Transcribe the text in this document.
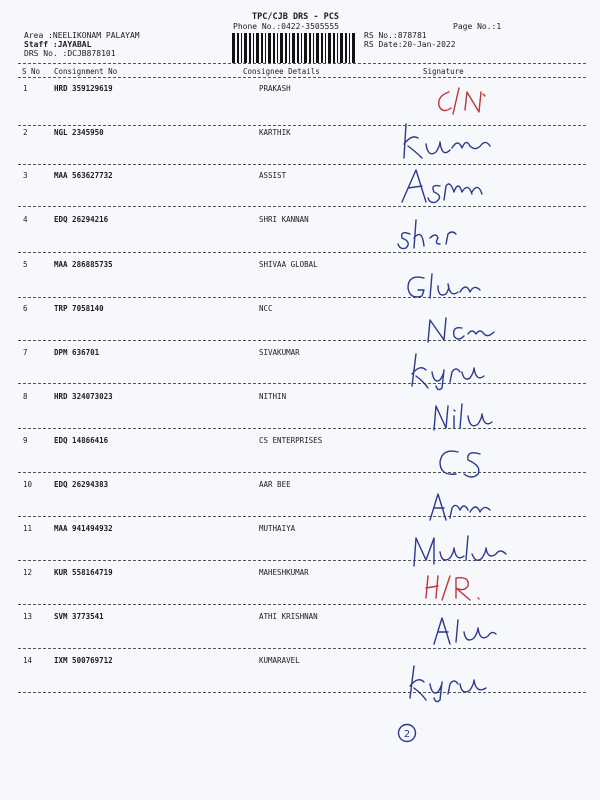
TPC/CJB DRS - PCS
Phone No.:0422-3505555	Page No.:1
Area :NEELIKONAM PALAYAM
Staff :JAYABAL
DRS No. :DCJB878101
RS No.:878781
RS Date:20-Jan-2022
S No Consignment No	Consignee Details	Signature
1	HRD 359129619	PRAKASH
2	NGL 2345950	KARTHIK
3	MAA 563627732	ASSIST
4	EDQ 26294216	SHRI KANNAN
5	MAA 286885735	SHIVAA GLOBAL
6	TRP 7058140	NCC
7	DPM 636701	SIVAKUMAR
8	HRD 324073023	NITHIN
9	EDQ 14866416	CS ENTERPRISES
10	EDQ 26294383	AAR BEE
11	MAA 941494932	MUTHAIYA
12	KUR 558164719	MAHESHKUMAR
13	SVM 3773541	ATHI KRISHNAN
14	IXM 500769712	KUMARAVEL
2
